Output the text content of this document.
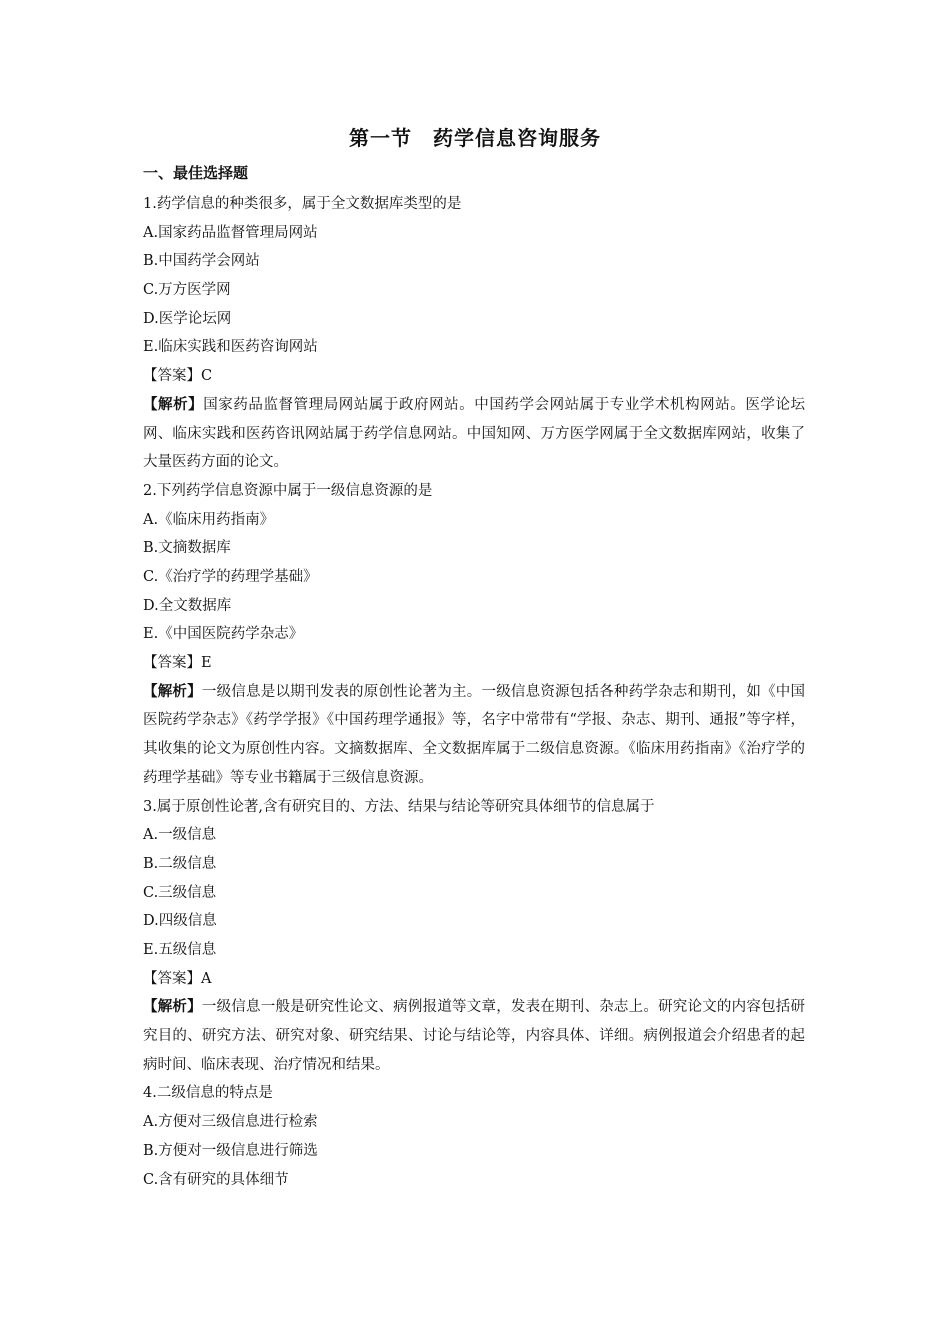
第一节　药学信息咨询服务
一、最佳选择题
1.药学信息的种类很多，属于全文数据库类型的是
A.国家药品监督管理局网站
B.中国药学会网站
C.万方医学网
D.医学论坛网
E.临床实践和医药咨询网站
【答案】C
【解析】国家药品监督管理局网站属于政府网站。中国药学会网站属于专业学术机构网站。医学论坛网、临床实践和医药咨讯网站属于药学信息网站。中国知网、万方医学网属于全文数据库网站，收集了大量医药方面的论文。
2.下列药学信息资源中属于一级信息资源的是
A.《临床用药指南》
B.文摘数据库
C.《治疗学的药理学基础》
D.全文数据库
E.《中国医院药学杂志》
【答案】E
【解析】一级信息是以期刊发表的原创性论著为主。一级信息资源包括各种药学杂志和期刊，如《中国医院药学杂志》《药学学报》《中国药理学通报》等，名字中常带有“学报、杂志、期刊、通报”等字样，其收集的论文为原创性内容。文摘数据库、全文数据库属于二级信息资源。《临床用药指南》《治疗学的药理学基础》等专业书籍属于三级信息资源。
3.属于原创性论著,含有研究目的、方法、结果与结论等研究具体细节的信息属于
A.一级信息
B.二级信息
C.三级信息
D.四级信息
E.五级信息
【答案】A
【解析】一级信息一般是研究性论文、病例报道等文章，发表在期刊、杂志上。研究论文的内容包括研究目的、研究方法、研究对象、研究结果、讨论与结论等，内容具体、详细。病例报道会介绍患者的起病时间、临床表现、治疗情况和结果。
4.二级信息的特点是
A.方便对三级信息进行检索
B.方便对一级信息进行筛选
C.含有研究的具体细节
